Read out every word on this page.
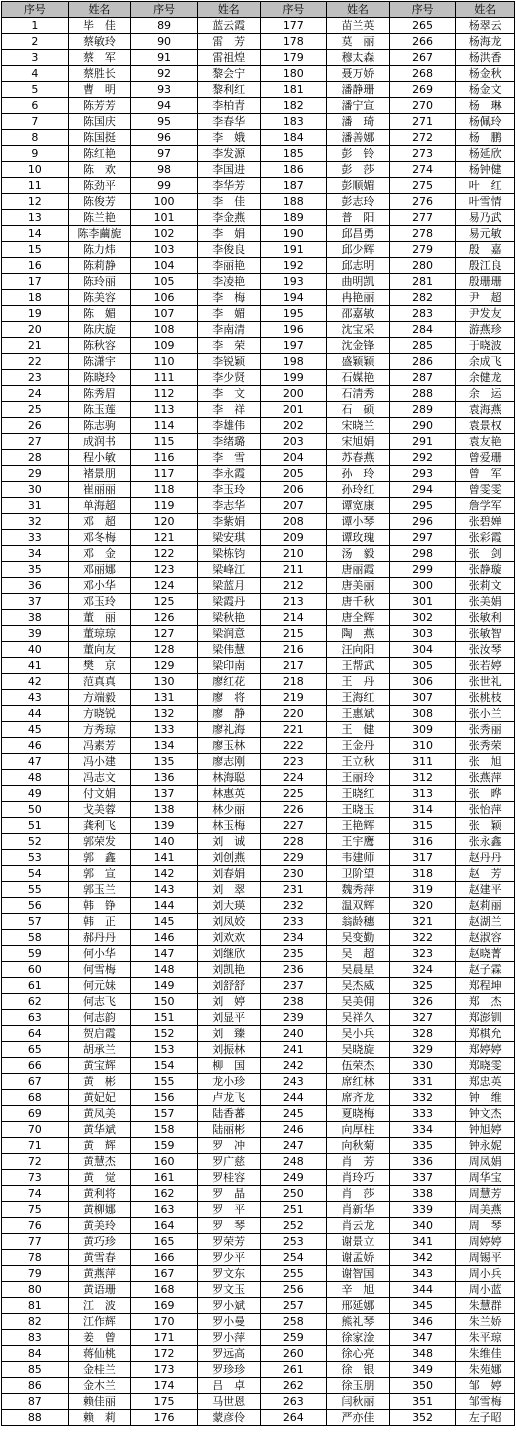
序号	姓名	序号	姓名	序号	姓名	序号	姓名
1	毕　佳	89	蓝云霞	177	苗兰英	265	杨翠云
2	蔡敏玲	90	雷　芳	178	莫　丽	266	杨海龙
3	蔡　军	91	雷祖煌	179	穆太森	267	杨洪香
4	蔡胜长	92	黎会宁	180	聂万娇	268	杨金秋
5	曹　明	93	黎利红	181	潘静珊	269	杨金文
6	陈芳芳	94	李柏青	182	潘宁宣	270	杨　琳
7	陈国庆	95	李春华	183	潘　琦	271	杨佩玲
8	陈国挺	96	李　娥	184	潘善娜	272	杨　鹏
9	陈红艳	97	李发源	185	彭　铃	273	杨延欣
10	陈　欢	98	李国进	186	彭　莎	274	杨钟健
11	陈劲平	99	李华芳	187	彭顺媚	275	叶　红
12	陈俊芳	100	李　佳	188	彭志玲	276	叶雪情
13	陈兰艳	101	李金燕	189	普　阳	277	易乃武
14	陈李繭旎	102	李　娟	190	邱昌勇	278	易元敏
15	陈力炜	103	李俊良	191	邱少辉	279	殷　嘉
16	陈莉静	104	李丽艳	192	邱志明	280	殷江良
17	陈玲丽	105	李凌艳	193	曲明凯	281	殷珊珊
18	陈美容	106	李　梅	194	冉艳丽	282	尹　超
19	陈　媚	107	李　媚	195	邵嘉敏	283	尹发友
20	陈庆旋	108	李南清	196	沈宝采	284	游燕珍
21	陈秋容	109	李　荣	197	沈金锋	285	于晓波
22	陈潇宇	110	李锐颖	198	盛颖颖	286	余成飞
23	陈晓玲	111	李少贤	199	石媒艳	287	余健龙
24	陈秀眉	112	李　文	200	石清秀	288	余　运
25	陈玉莲	113	李　祥	201	石　硕	289	袁海燕
26	陈志驹	114	李雄伟	202	宋晓兰	290	袁景权
27	成润书	115	李绪璐	203	宋旭娟	291	袁友艳
28	程小敏	116	李　雪	204	苏春燕	292	曾爱珊
29	褚景朋	117	李永霞	205	孙　玲	293	曾　军
30	崔丽丽	118	李玉玲	206	孙玲红	294	曾雯雯
31	单海超	119	李志华	207	谭宽康	295	詹学军
32	邓　超	120	李紫娟	208	谭小琴	296	张碧婵
33	邓冬梅	121	梁安琪	209	谭玫瑰	297	张彩霞
34	邓　金	122	梁栋钧	210	汤　毅	298	张　剑
35	邓丽娜	123	梁峰江	211	唐丽霞	299	张静璇
36	邓小华	124	梁蓝月	212	唐美丽	300	张莉文
37	邓玉玲	125	梁霞丹	213	唐千秋	301	张美娟
38	董　丽	126	梁秋艳	214	唐全辉	302	张敏利
39	董琼琼	127	梁润意	215	陶　燕	303	张敏智
40	董向友	128	梁伟慧	216	汪向阳	304	张汝琴
41	樊　京	129	梁印南	217	王帮武	305	张若婷
42	范真真	130	廖红花	218	王　丹	306	张世礼
43	方端毅	131	廖　将	219	王海红	307	张桃枝
44	方晓锐	132	廖　静	220	王惠斌	308	张小兰
45	方秀琼	133	廖礼海	221	王　健	309	张秀丽
46	冯素芳	134	廖玉林	222	王金丹	310	张秀荣
47	冯小建	135	廖志刚	223	王立秋	311	张　旭
48	冯志文	136	林海聪	224	王丽玲	312	张燕萍
49	付文娟	137	林惠英	225	王晓红	313	张　晔
50	戈美蓉	138	林少丽	226	王晓玉	314	张怡萍
51	龚利飞	139	林玉梅	227	王艳辉	315	张　颖
52	郭荣发	140	刘　诚	228	王宇鹰	316	张永鑫
53	郭　鑫	141	刘创燕	229	韦建师	317	赵丹丹
54	郭　宣	142	刘春娟	230	卫阶望	318	赵　芳
55	郭玉兰	143	刘　翠	231	魏秀萍	319	赵建平
56	韩　铮	144	刘大瑛	232	温双辉	320	赵莉丽
57	韩　正	145	刘凤姣	233	翁龄穗	321	赵湖兰
58	郝丹丹	146	刘欢欢	234	吴变勤	322	赵淑容
59	何小华	147	刘继欣	235	吴　超	323	赵晓菁
60	何雪梅	148	刘凯艳	236	吴晨星	324	赵子霖
61	何元妹	149	刘舒舒	237	吴杰威	325	郑程坤
62	何志飞	150	刘　婷	238	吴美佣	326	郑　杰
63	何志韵	151	刘显平	239	吴祥久	327	郑澎钏
64	贺启霞	152	刘　臻	240	吴小兵	328	郑棋允
65	胡承兰	153	刘振林	241	吴晓旋	329	郑婷婷
66	黄宝辉	154	柳　国	242	伍荣杰	330	郑晓雯
67	黄　彬	155	龙小珍	243	席红林	331	郑忠英
68	黄妃妃	156	卢龙飞	244	席齐龙	332	钟　维
69	黄凤美	157	陆香蕃	245	夏晓梅	333	钟文杰
70	黄华斌	158	陆丽彬	246	向厚柱	334	钟旭婷
71	黄　辉	159	罗　冲	247	向秋菊	335	钟永妮
72	黄慧杰	160	罗广慈	248	肖　芳	336	周凤娟
73	黄　觉	161	罗桂容	249	肖玲巧	337	周华宝
74	黄利将	162	罗　晶	250	肖　莎	338	周慧芳
75	黄柳娜	163	罗　平	251	肖新华	339	周美燕
76	黄美玲	164	罗　琴	252	肖云龙	340	周　琴
77	黄巧珍	165	罗荣芳	253	谢景立	341	周婷婷
78	黄雪春	166	罗少平	254	谢孟娇	342	周锡平
79	黄燕萍	167	罗文东	255	谢智国	343	周小兵
80	黄语珊	168	罗文玉	256	辛　旭	344	周小蓝
81	江　波	169	罗小斌	257	邢延娜	345	朱慧群
82	江作辉	170	罗小曼	258	熊礼琴	346	朱兰娇
83	姜　曾	171	罗小萍	259	徐家淦	347	朱平琼
84	蒋仙桃	172	罗远高	260	徐心亮	348	朱维佳
85	金桂兰	173	罗珍珍	261	徐　银	349	朱苑娜
86	金木兰	174	吕　卓	262	徐玉朋	350	邹　婷
87	赖佳丽	175	马世恩	263	闫秋丽	351	邹雪梅
88	赖　莉	176	蒙彦伶	264	严亦佳	352	左子昭
